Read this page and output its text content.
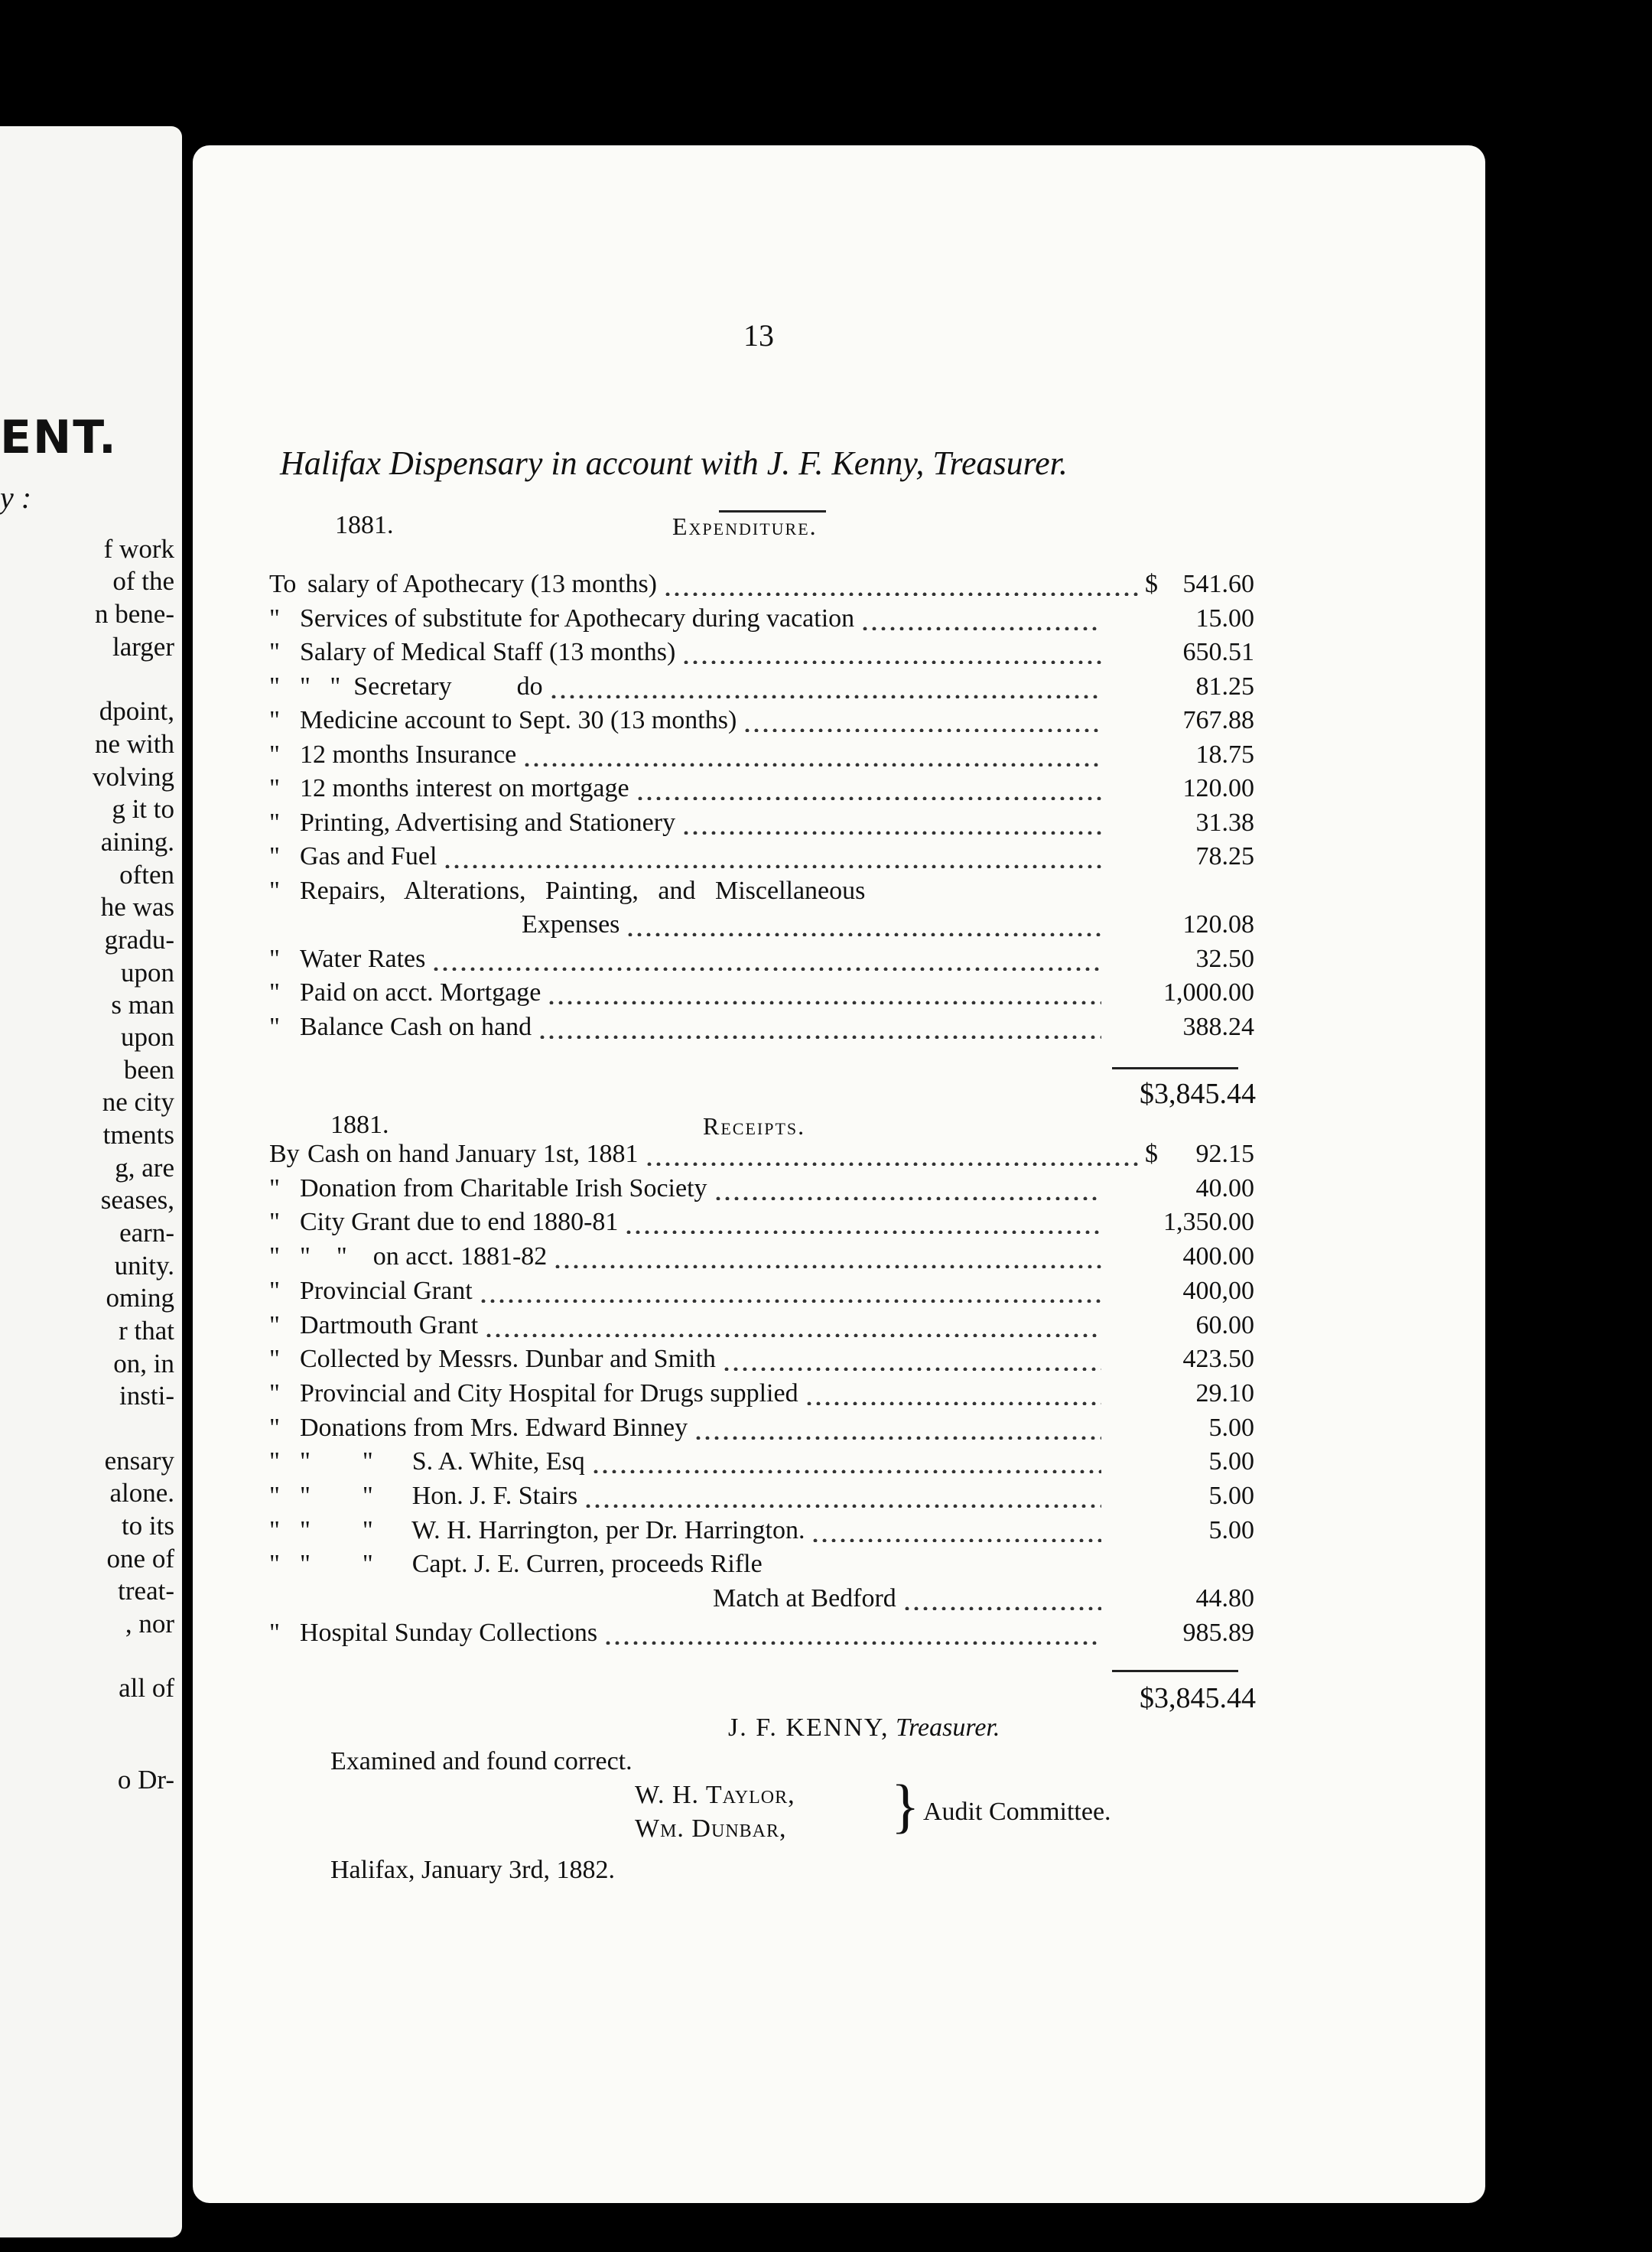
ENT.
y :
f work
of the
n bene-
larger
dpoint,
ne with
volving
g it to
aining.
often
he was
gradu-
upon
s man
upon
been
ne city
tments
g, are
seases,
earn-
unity.
oming
r that
on, in
insti-
ensary
alone.
to its
one of
treat-
, nor
all of
o Dr-
13
Halifax Dispensary in account with J. F. Kenny, Treasurer.
1881.	Expenditure.
To salary of Apothecary (13 months)	$ 541.60
" Services of substitute for Apothecary during vacation	15.00
" Salary of Medical Staff (13 months)	650.51
" "   "  Secretary          do	81.25
" Medicine account to Sept. 30 (13 months)	767.88
" 12 months Insurance	18.75
" 12 months interest on mortgage	120.00
" Printing, Advertising and Stationery	31.38
" Gas and Fuel	78.25
" Repairs,   Alterations,   Painting,   and   Miscellaneous
Expenses	120.08
" Water Rates	32.50
" Paid on acct. Mortgage	1,000.00
" Balance Cash on hand	388.24
$3,845.44
1881.	Receipts.
By Cash on hand January 1st, 1881	$ 92.15
" Donation from Charitable Irish Society	40.00
" City Grant due to end 1880-81	1,350.00
" "    "    on acct. 1881-82	400.00
" Provincial Grant	400,00
" Dartmouth Grant	60.00
" Collected by Messrs. Dunbar and Smith	423.50
" Provincial and City Hospital for Drugs supplied	29.10
" Donations from Mrs. Edward Binney	5.00
" "        "      S. A. White, Esq	5.00
" "        "      Hon. J. F. Stairs	5.00
" "        "      W. H. Harrington, per Dr. Harrington.	5.00
" "        "      Capt. J. E. Curren, proceeds Rifle
Match at Bedford	44.80
" Hospital Sunday Collections	985.89
$3,845.44
J. F. KENNY, Treasurer.
Examined and found correct.
W. H. Taylor,
Wm. Dunbar, } Audit Committee.
Halifax, January 3rd, 1882.
